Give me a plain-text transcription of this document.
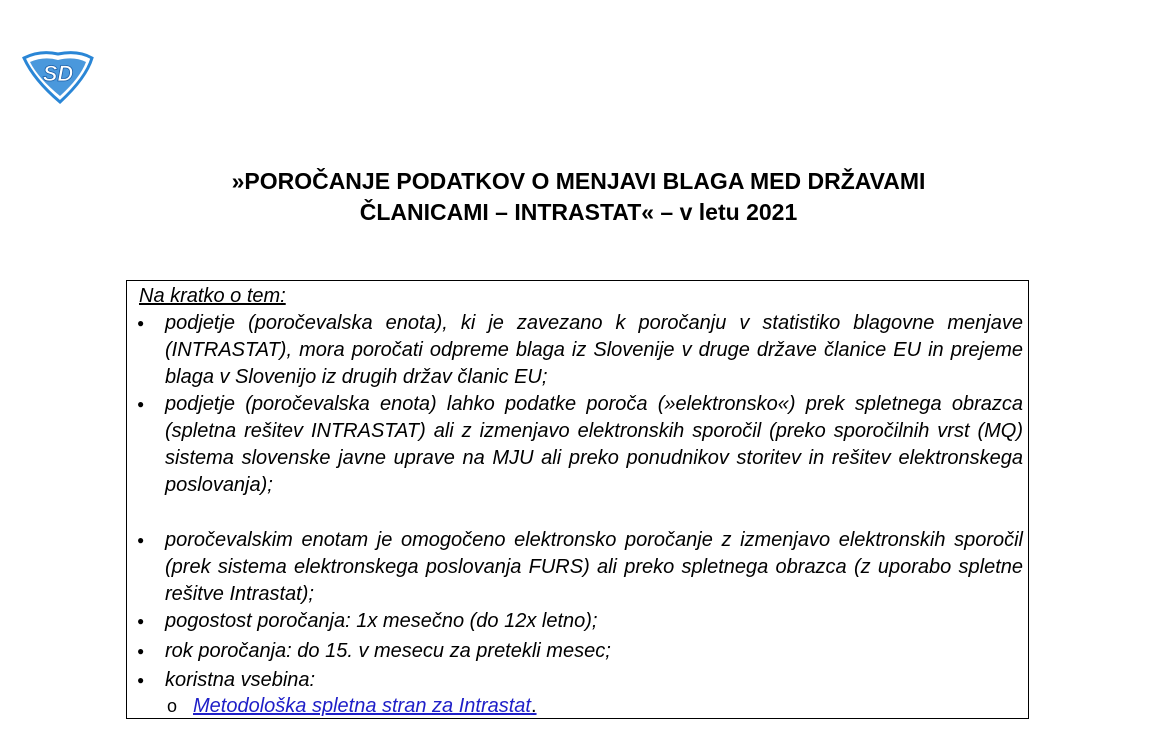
SD
»POROČANJE PODATKOV O MENJAVI BLAGA MED DRŽAVAMI
ČLANICAMI – INTRASTAT« – v letu 2021
Na kratko o tem:
● podjetje (poročevalska enota), ki je zavezano k poročanju v statistiko blagovne menjave (INTRASTAT), mora poročati odpreme blaga iz Slovenije v druge države članice EU in prejeme blaga v Slovenijo iz drugih držav članic EU;
● podjetje (poročevalska enota) lahko podatke poroča (»elektronsko«) prek spletnega obrazca (spletna rešitev INTRASTAT) ali z izmenjavo elektronskih sporočil (preko sporočilnih vrst (MQ) sistema slovenske javne uprave na MJU ali preko ponudnikov storitev in rešitev elektronskega poslovanja);
● poročevalskim enotam je omogočeno elektronsko poročanje z izmenjavo elektronskih sporočil (prek sistema elektronskega poslovanja FURS) ali preko spletnega obrazca (z uporabo spletne rešitve Intrastat);
● pogostost poročanja: 1x mesečno (do 12x letno);
● rok poročanja: do 15. v mesecu za pretekli mesec;
● koristna vsebina:
o Metodološka spletna stran za Intrastat.
